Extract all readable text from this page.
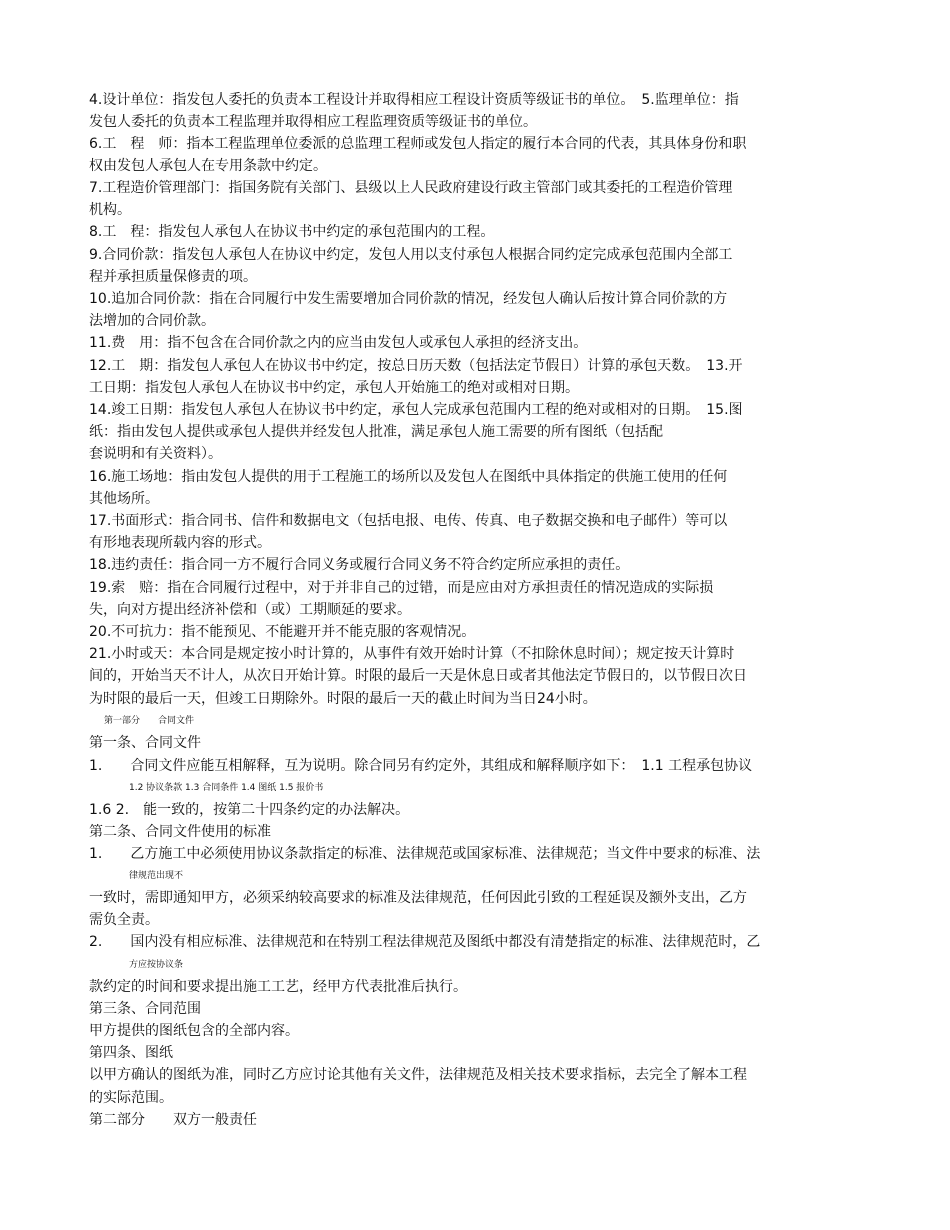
4.设计单位：指发包人委托的负责本工程设计并取得相应工程设计资质等级证书的单位。　5.监理单位：指
发包人委托的负责本工程监理并取得相应工程监理资质等级证书的单位。
6.工　程　师：指本工程监理单位委派的总监理工程师或发包人指定的履行本合同的代表，其具体身份和职
权由发包人承包人在专用条款中约定。
7.工程造价管理部门：指国务院有关部门、县级以上人民政府建设行政主管部门或其委托的工程造价管理
机构。
8.工　程：指发包人承包人在协议书中约定的承包范围内的工程。
9.合同价款：指发包人承包人在协议中约定，发包人用以支付承包人根据合同约定完成承包范围内全部工
程并承担质量保修责的项。
10.追加合同价款：指在合同履行中发生需要增加合同价款的情况，经发包人确认后按计算合同价款的方
法增加的合同价款。
11.费　用：指不包含在合同价款之内的应当由发包人或承包人承担的经济支出。
12.工　期：指发包人承包人在协议书中约定，按总日历天数（包括法定节假日）计算的承包天数。　13.开
工日期：指发包人承包人在协议书中约定，承包人开始施工的绝对或相对日期。
14.竣工日期：指发包人承包人在协议书中约定，承包人完成承包范围内工程的绝对或相对的日期。　15.图
纸：指由发包人提供或承包人提供并经发包人批准，满足承包人施工需要的所有图纸（包括配
套说明和有关资料）。
16.施工场地：指由发包人提供的用于工程施工的场所以及发包人在图纸中具体指定的供施工使用的任何
其他场所。
17.书面形式：指合同书、信件和数据电文（包括电报、电传、传真、电子数据交换和电子邮件）等可以
有形地表现所载内容的形式。
18.违约责任：指合同一方不履行合同义务或履行合同义务不符合约定所应承担的责任。
19.索　赔：指在合同履行过程中，对于并非自己的过错，而是应由对方承担责任的情况造成的实际损
失，向对方提出经济补偿和（或）工期顺延的要求。
20.不可抗力：指不能预见、不能避开并不能克服的客观情况。
21.小时或天：本合同是规定按小时计算的，从事件有效开始时计算（不扣除休息时间）；规定按天计算时
间的，开始当天不计人，从次日开始计算。时限的最后一天是休息日或者其他法定节假日的，以节假日次日
为时限的最后一天，但竣工日期除外。时限的最后一天的截止时间为当日24小时。
第一部分　　合同文件
第一条、合同文件
1.　　合同文件应能互相解释，互为说明。除合同另有约定外，其组成和解释顺序如下：　1.1 工程承包协议
1.2 协议条款 1.3 合同条件 1.4 图纸 1.5 报价书
1.6 2.　能一致的，按第二十四条约定的办法解决。
第二条、合同文件使用的标准
1.　　乙方施工中必须使用协议条款指定的标准、法律规范或国家标准、法律规范；当文件中要求的标准、法
律规范出现不
一致时，需即通知甲方，必须采纳较高要求的标准及法律规范，任何因此引致的工程延误及额外支出，乙方
需负全责。
2.　　国内没有相应标准、法律规范和在特别工程法律规范及图纸中都没有清楚指定的标准、法律规范时，乙
方应按协议条
款约定的时间和要求提出施工工艺，经甲方代表批准后执行。
第三条、合同范围
甲方提供的图纸包含的全部内容。
第四条、图纸
以甲方确认的图纸为准，同时乙方应讨论其他有关文件，法律规范及相关技术要求指标，去完全了解本工程
的实际范围。
第二部分　　双方一般责任
